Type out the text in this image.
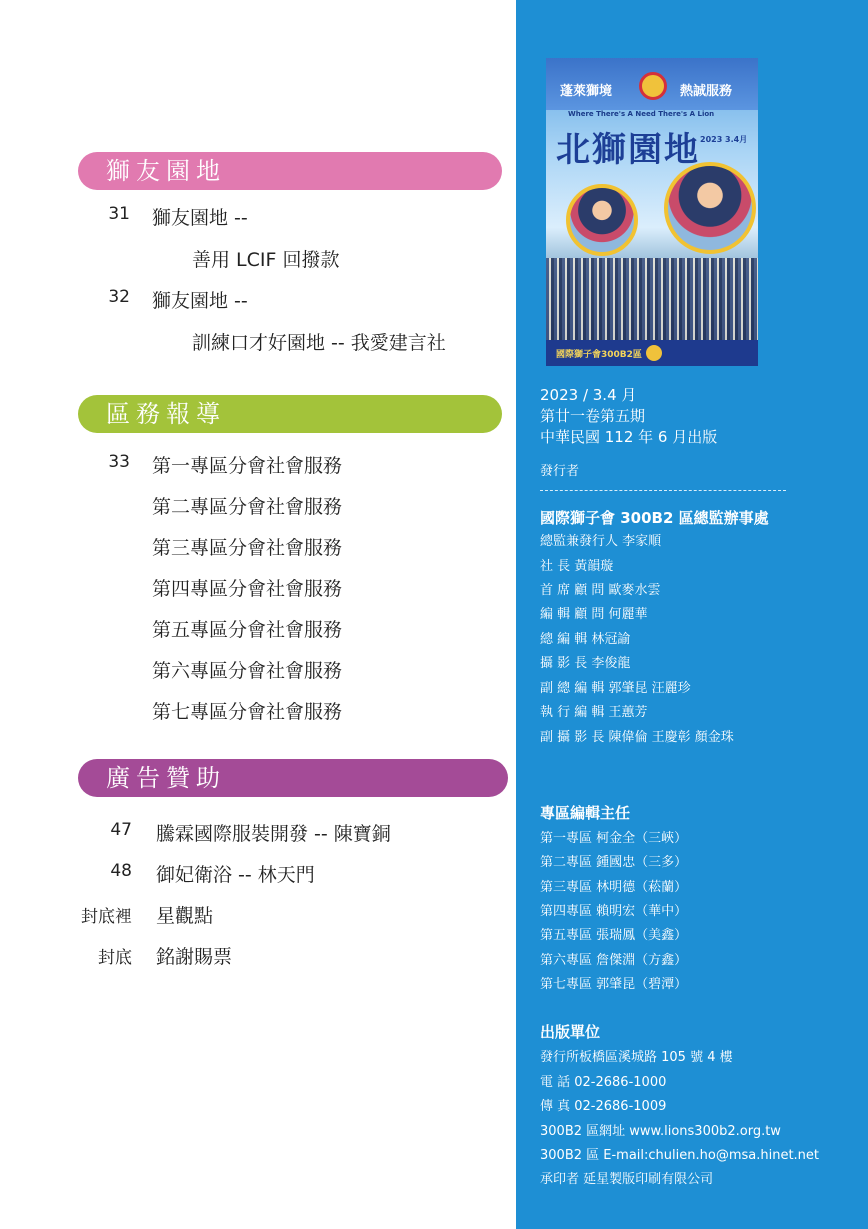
獅友園地
31 獅友園地 --
善用 LCIF 回撥款
32 獅友園地 --
訓練口才好園地 -- 我愛建言社
區務報導
33 第一專區分會社會服務
第二專區分會社會服務
第三專區分會社會服務
第四專區分會社會服務
第五專區分會社會服務
第六專區分會社會服務
第七專區分會社會服務
廣告贊助
47 騰霖國際服裝開發 -- 陳寶銅
48 御妃衛浴 -- 林天門
封底裡 星觀點
封底 銘謝賜票
蓬萊獅境	熱誠服務
Where There's A Need There's A Lion
北獅園地 2023 3.4月
國際獅子會300B2區
2023 / 3.4 月
第廿一卷第五期
中華民國 112 年 6 月出版
發行者
國際獅子會 300B2 區總監辦事處
總監兼發行人 李家順
社 長 黃韻璇
首 席 顧 問 歐麥水雲
編 輯 顧 問 何麗華
總 編 輯 林冠諭
攝 影 長 李俊龍
副 總 編 輯 郭肇昆 汪麗珍
執 行 編 輯 王蕙芳
副 攝 影 長 陳偉倫 王慶彰 顏金珠
專區編輯主任
第一專區 柯金全（三峽）
第二專區 鍾國忠（三多）
第三專區 林明德（菘蘭）
第四專區 賴明宏（華中）
第五專區 張瑞鳳（美鑫）
第六專區 詹傑淵（方鑫）
第七專區 郭肇昆（碧潭）
出版單位
發行所板橋區溪城路 105 號 4 樓
電 話 02-2686-1000
傳 真 02-2686-1009
300B2 區網址 www.lions300b2.org.tw
300B2 區 E-mail:chulien.ho@msa.hinet.net
承印者 延星製版印刷有限公司
